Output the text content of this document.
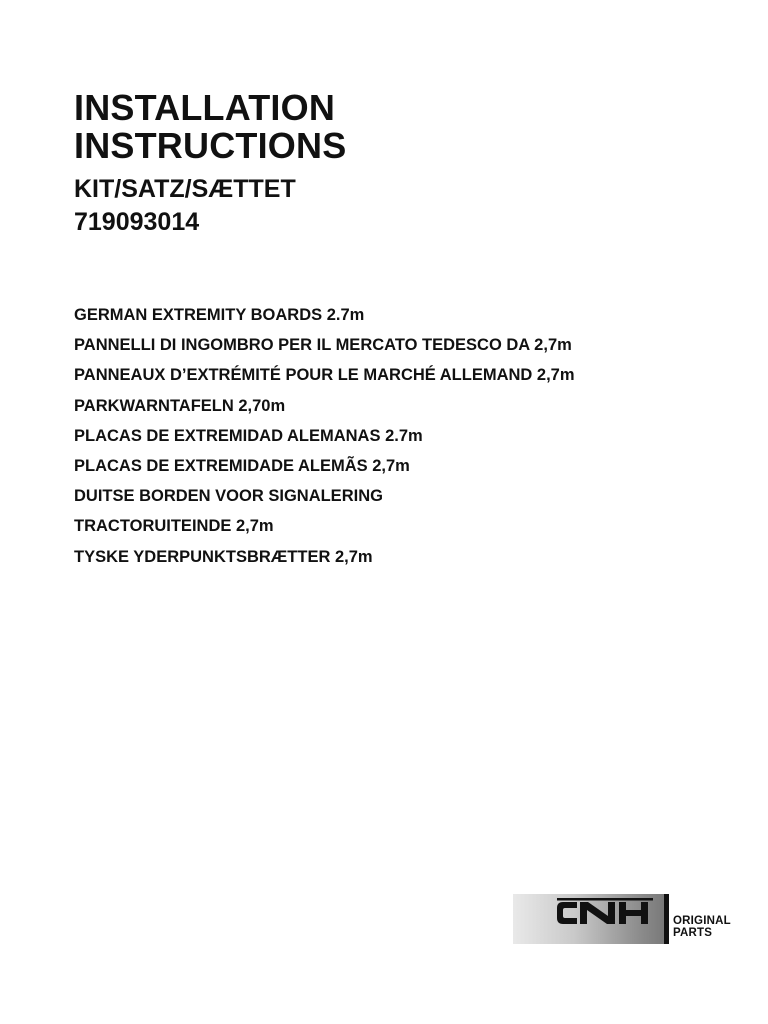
INSTALLATION
INSTRUCTIONS
KIT/SATZ/SÆTTET
719093014
GERMAN EXTREMITY BOARDS 2.7m
PANNELLI DI INGOMBRO PER IL MERCATO TEDESCO DA 2,7m
PANNEAUX D’EXTRÉMITÉ POUR LE MARCHÉ ALLEMAND 2,7m
PARKWARNTAFELN 2,70m
PLACAS DE EXTREMIDAD ALEMANAS 2.7m
PLACAS DE EXTREMIDADE ALEMÃS 2,7m
DUITSE BORDEN VOOR SIGNALERING
TRACTORUITEINDE 2,7m
TYSKE YDERPUNKTSBRÆTTER 2,7m
ORIGINAL
PARTS
